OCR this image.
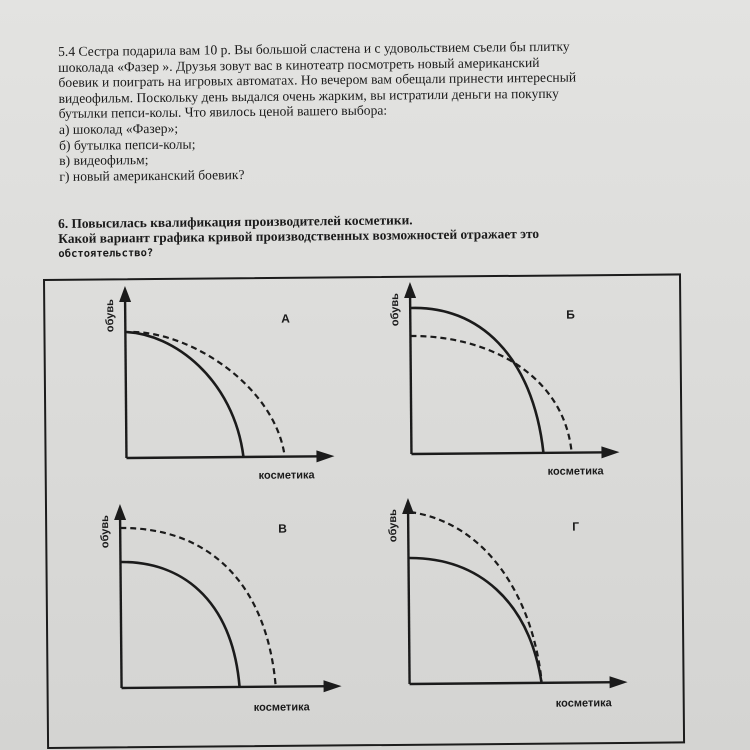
5.4 Сестра подарила вам 10 р. Вы большой сластена и с удовольствием съели бы плитку

шоколада «Фазер ». Друзья зовут вас в кинотеатр посмотреть новый американский

боевик и поиграть на игровых автоматах. Но вечером вам обещали принести интересный

видеофильм. Поскольку день выдался очень жарким, вы истратили деньги на покупку

бутылки пепси-колы. Что явилось ценой вашего выбора:

а) шоколад «Фазер»;

б) бутылка пепси-колы;

в) видеофильм;

г) новый американский боевик?

6. Повысилась квалификация производителей косметики.

Какой вариант графика кривой производственных возможностей отражает это

обстоятельство?

обувь
косметика
А	обувь
косметика
Б
обувь
косметика
В	обувь
косметика
Г
